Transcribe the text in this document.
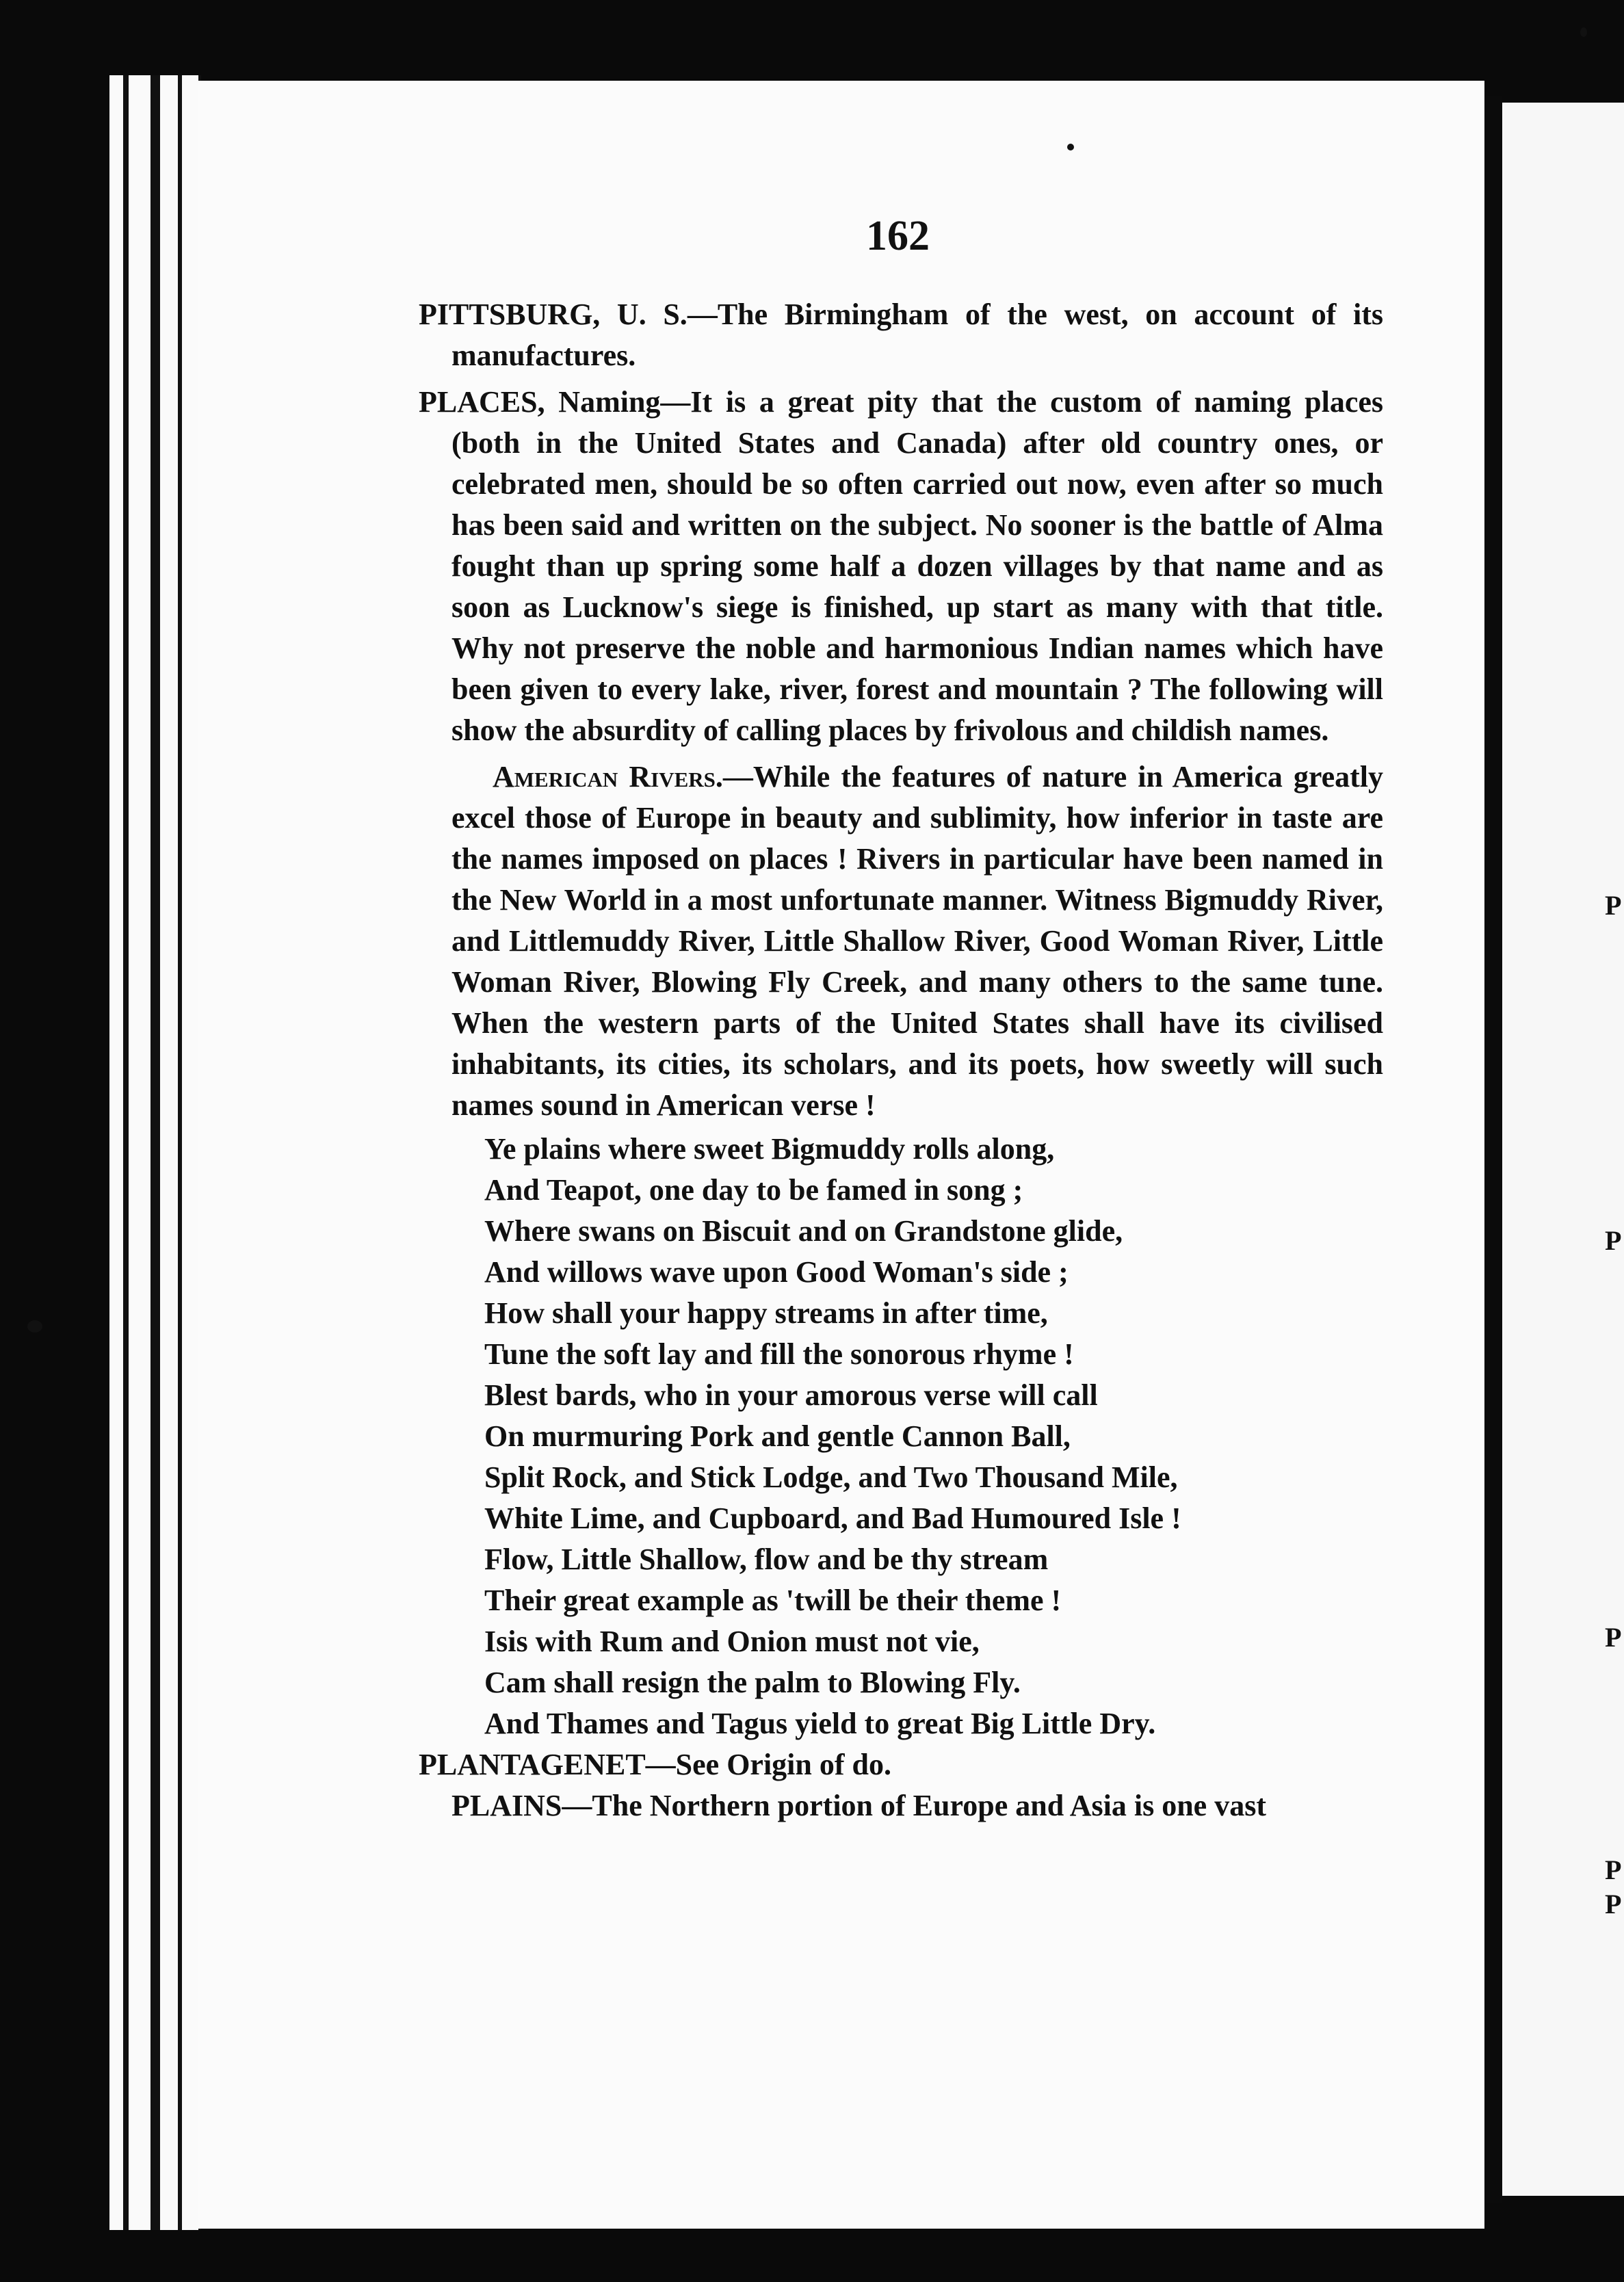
P
P
P
P
P
162

PITTSBURG, U. S.—The Birmingham of the west, on account of its manufactures.

PLACES, Naming—It is a great pity that the custom of naming places (both in the United States and Canada) after old country ones, or celebrated men, should be so often carried out now, even after so much has been said and written on the subject. No sooner is the battle of Alma fought than up spring some half a dozen villages by that name and as soon as Lucknow's siege is finished, up start as many with that title. Why not preserve the noble and harmonious Indian names which have been given to every lake, river, forest and mountain ? The following will show the absurdity of calling places by frivolous and childish names.

American Rivers.—While the features of nature in America greatly excel those of Europe in beauty and sublimity, how inferior in taste are the names imposed on places ! Rivers in particular have been named in the New World in a most unfortunate manner. Witness Bigmuddy River, and Littlemuddy River, Little Shallow River, Good Woman River, Little Woman River, Blowing Fly Creek, and many others to the same tune. When the western parts of the United States shall have its civilised inhabitants, its cities, its scholars, and its poets, how sweetly will such names sound in American verse !

Ye plains where sweet Bigmuddy rolls along,
And Teapot, one day to be famed in song ;
Where swans on Biscuit and on Grandstone glide,
And willows wave upon Good Woman's side ;
How shall your happy streams in after time,
Tune the soft lay and fill the sonorous rhyme !
Blest bards, who in your amorous verse will call
On murmuring Pork and gentle Cannon Ball,
Split Rock, and Stick Lodge, and Two Thousand Mile,
White Lime, and Cupboard, and Bad Humoured Isle !
Flow, Little Shallow, flow and be thy stream
Their great example as 'twill be their theme !
Isis with Rum and Onion must not vie,
Cam shall resign the palm to Blowing Fly.
And Thames and Tagus yield to great Big Little Dry.

PLANTAGENET—See Origin of do.

PLAINS—The Northern portion of Europe and Asia is one vast
